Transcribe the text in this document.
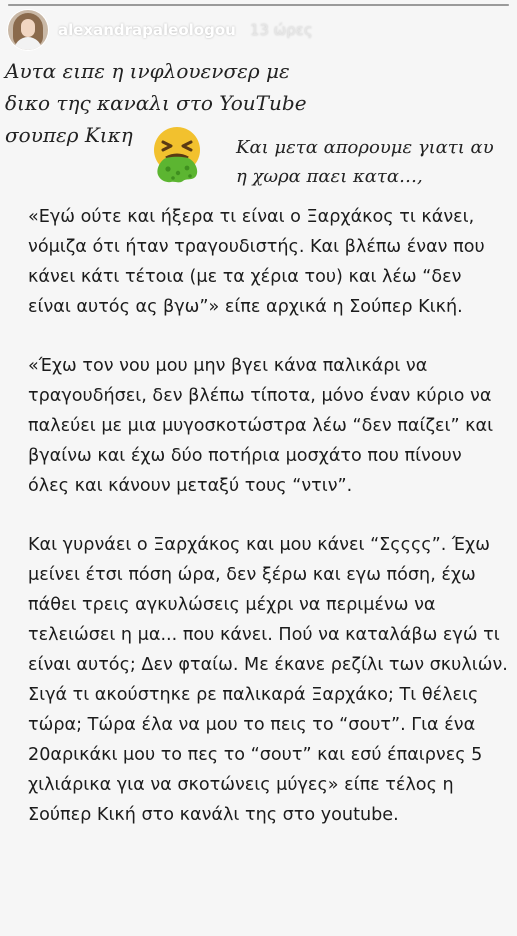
alexandrapaleologou 13 ώρες
Αυτα ειπε η ινφλουενσερ με
δικο της καναλι στο YouTube
σουπερ Κικη
Και μετα απορουμε γιατι αυ
η χωρα παει κατα…,

«Εγώ ούτε και ήξερα τι είναι ο Ξαρχάκος τι κάνει, νόμιζα ότι ήταν τραγουδιστής. Και βλέπω έναν που κάνει κάτι τέτοια (με τα χέρια του) και λέω “δεν είναι αυτός ας βγω”» είπε αρχικά η Σούπερ Κική.

«Έχω τον νου μου μην βγει κάνα παλικάρι να τραγουδήσει, δεν βλέπω τίποτα, μόνο έναν κύριο να παλεύει με μια μυγοσκοτώστρα λέω “δεν παίζει” και βγαίνω και έχω δύο ποτήρια μοσχάτο που πίνουν όλες και κάνουν μεταξύ τους “ντιν”.

Και γυρνάει ο Ξαρχάκος και μου κάνει “Σςςςς”. Έχω μείνει έτσι πόση ώρα, δεν ξέρω και εγω πόση, έχω πάθει τρεις αγκυλώσεις μέχρι να περιμένω να τελειώσει η μα... που κάνει. Πού να καταλάβω εγώ τι είναι αυτός; Δεν φταίω. Με έκανε ρεζίλι των σκυλιών. Σιγά τι ακούστηκε ρε παλικαρά Ξαρχάκο; Τι θέλεις τώρα; Τώρα έλα να μου το πεις το “σουτ”. Για ένα 20αρικάκι μου το πες το “σουτ” και εσύ έπαιρνες 5 χιλιάρικα για να σκοτώνεις μύγες» είπε τέλος η Σούπερ Κική στο κανάλι της στο youtube.
